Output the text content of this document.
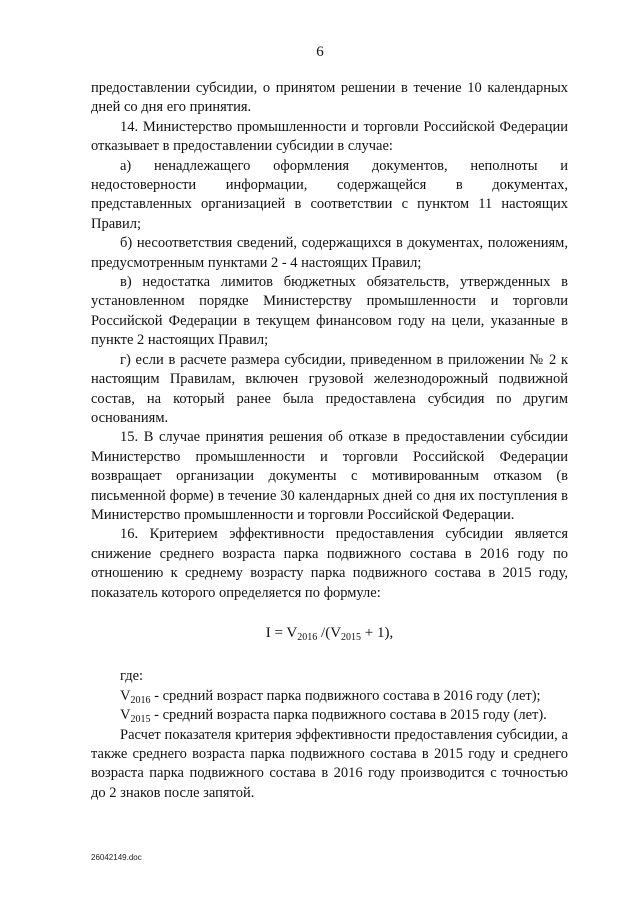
6

предоставлении субсидии, о принятом решении в течение 10 календарных дней со дня его принятия.

14. Министерство промышленности и торговли Российской Федерации отказывает в предоставлении субсидии в случае:

а) ненадлежащего оформления документов, неполноты и недостоверности информации, содержащейся в документах, представленных организацией в соответствии с пунктом 11 настоящих Правил;

б) несоответствия сведений, содержащихся в документах, положениям, предусмотренным пунктами 2 - 4 настоящих Правил;

в) недостатка лимитов бюджетных обязательств, утвержденных в установленном порядке Министерству промышленности и торговли Российской Федерации в текущем финансовом году на цели, указанные в пункте 2 настоящих Правил;

г) если в расчете размера субсидии, приведенном в приложении № 2 к настоящим Правилам, включен грузовой железнодорожный подвижной состав, на который ранее была предоставлена субсидия по другим основаниям.

15. В случае принятия решения об отказе в предоставлении субсидии Министерство промышленности и торговли Российской Федерации возвращает организации документы с мотивированным отказом (в письменной форме) в течение 30 календарных дней со дня их поступления в Министерство промышленности и торговли Российской Федерации.

16. Критерием эффективности предоставления субсидии является снижение среднего возраста парка подвижного состава в 2016 году по отношению к среднему возрасту парка подвижного состава в 2015 году, показатель которого определяется по формуле:

$I = V_{2016}$ $/(V_{2015} + 1)$,

где:

$V_{2016}$ - средний возраст парка подвижного состава в 2016 году (лет);

$V_{2015}$ - средний возраста парка подвижного состава в 2015 году (лет).

Расчет показателя критерия эффективности предоставления субсидии, а также среднего возраста парка подвижного состава в 2015 году и среднего возраста парка подвижного состава в 2016 году производится с точностью до 2 знаков после запятой.

26042149.doc
